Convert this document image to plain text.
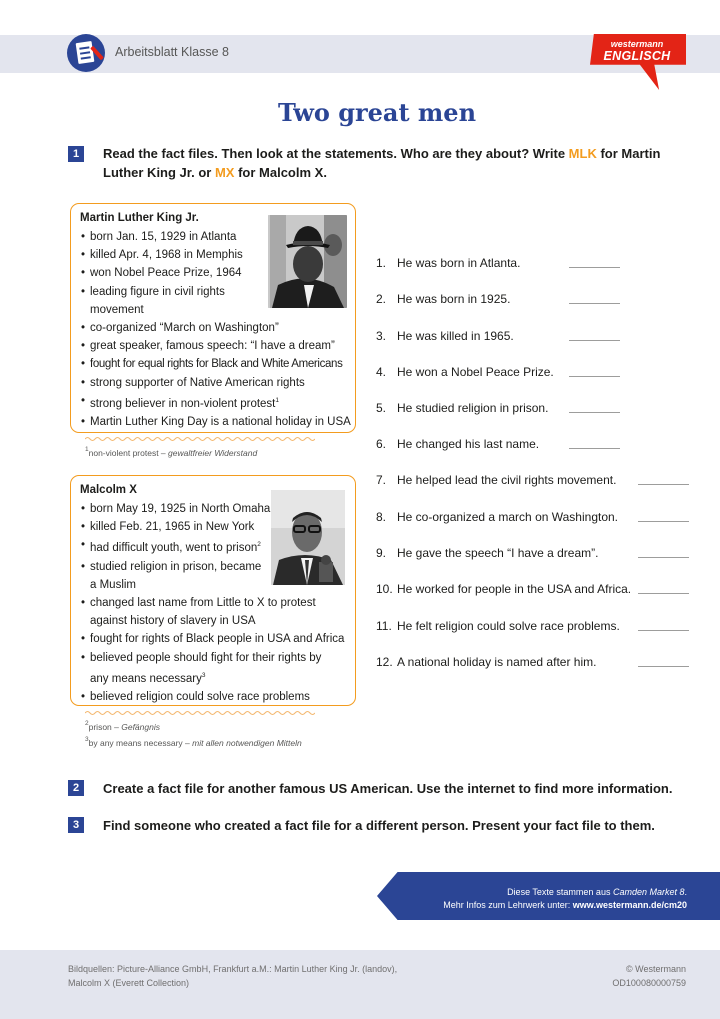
Arbeitsblatt Klasse 8
westermann
ENGLISCH
Two great men
1	Read the fact files. Then look at the statements. Who are they about? Write MLK for Martin
Luther King Jr. or MX for Malcolm X.
Martin Luther King Jr.
• born Jan. 15, 1929 in Atlanta
• killed Apr. 4, 1968 in Memphis
• won Nobel Peace Prize, 1964
• leading figure in civil rights
movement
• co-organized “March on Washington”
• great speaker, famous speech: “I have a dream”
• fought for equal rights for Black and White Americans
• strong supporter of Native American rights
• strong believer in non-violent protest$^1$
• Martin Luther King Day is a national holiday in USA
$^1$non-violent protest – gewaltfreier Widerstand
Malcolm X
• born May 19, 1925 in North Omaha
• killed Feb. 21, 1965 in New York
• had difficult youth, went to prison$^2$
• studied religion in prison, became
a Muslim
• changed last name from Little to X to protest
against history of slavery in USA
• fought for rights of Black people in USA and Africa
• believed people should fight for their rights by
any means necessary$^3$
• believed religion could solve race problems
$^2$prison – Gefängnis
$^3$by any means necessary – mit allen notwendigen Mitteln
1. He was born in Atlanta.
2. He was born in 1925.
3. He was killed in 1965.
4. He won a Nobel Peace Prize.
5. He studied religion in prison.
6. He changed his last name.
7. He helped lead the civil rights movement.
8. He co-organized a march on Washington.
9. He gave the speech “I have a dream”.
10. He worked for people in the USA and Africa.
11. He felt religion could solve race problems.
12. A national holiday is named after him.
2	Create a fact file for another famous US American. Use the internet to find more information.
3	Find someone who created a fact file for a different person. Present your fact file to them.
Diese Texte stammen aus Camden Market 8.
Mehr Infos zum Lehrwerk unter: www.westermann.de/cm20
Bildquellen: Picture-Alliance GmbH, Frankfurt a.M.: Martin Luther King Jr. (landov),
Malcolm X (Everett Collection)
© Westermann
OD100080000759
